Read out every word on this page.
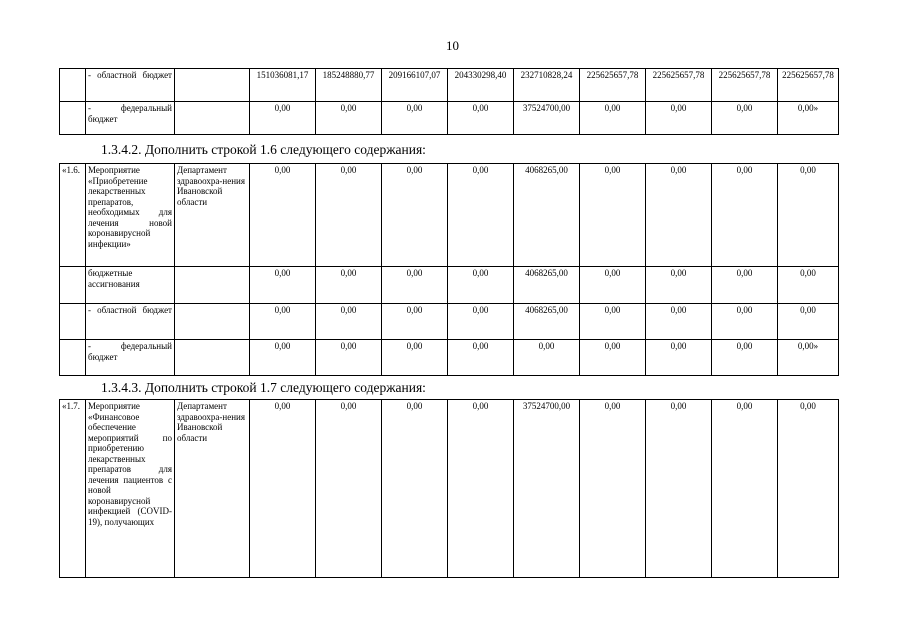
10
	- областной бюджет		151036081,17	185248880,77	209166107,07	204330298,40	232710828,24	225625657,78	225625657,78	225625657,78	225625657,78
	- федеральный бюджет		0,00	0,00	0,00	0,00	37524700,00	0,00	0,00	0,00	0,00»
1.3.4.2. Дополнить строкой 1.6 следующего содержания:
«1.6.	Мероприятие «Приобретение лекарственных препаратов, необходимых для лечения новой коронавирусной инфекции»	Департамент здравоохра-нения Ивановской области	0,00	0,00	0,00	0,00	4068265,00	0,00	0,00	0,00	0,00
	бюджетные ассигнования		0,00	0,00	0,00	0,00	4068265,00	0,00	0,00	0,00	0,00
	- областной бюджет		0,00	0,00	0,00	0,00	4068265,00	0,00	0,00	0,00	0,00
	- федеральный бюджет		0,00	0,00	0,00	0,00	0,00	0,00	0,00	0,00	0,00»
1.3.4.3. Дополнить строкой 1.7 следующего содержания:
«1.7.	Мероприятие «Финансовое обеспечение мероприятий по приобретению лекарственных препаратов для лечения пациентов с новой коронавирусной инфекцией (COVID-19), получающих	Департамент здравоохра-нения Ивановской области	0,00	0,00	0,00	0,00	37524700,00	0,00	0,00	0,00	0,00
